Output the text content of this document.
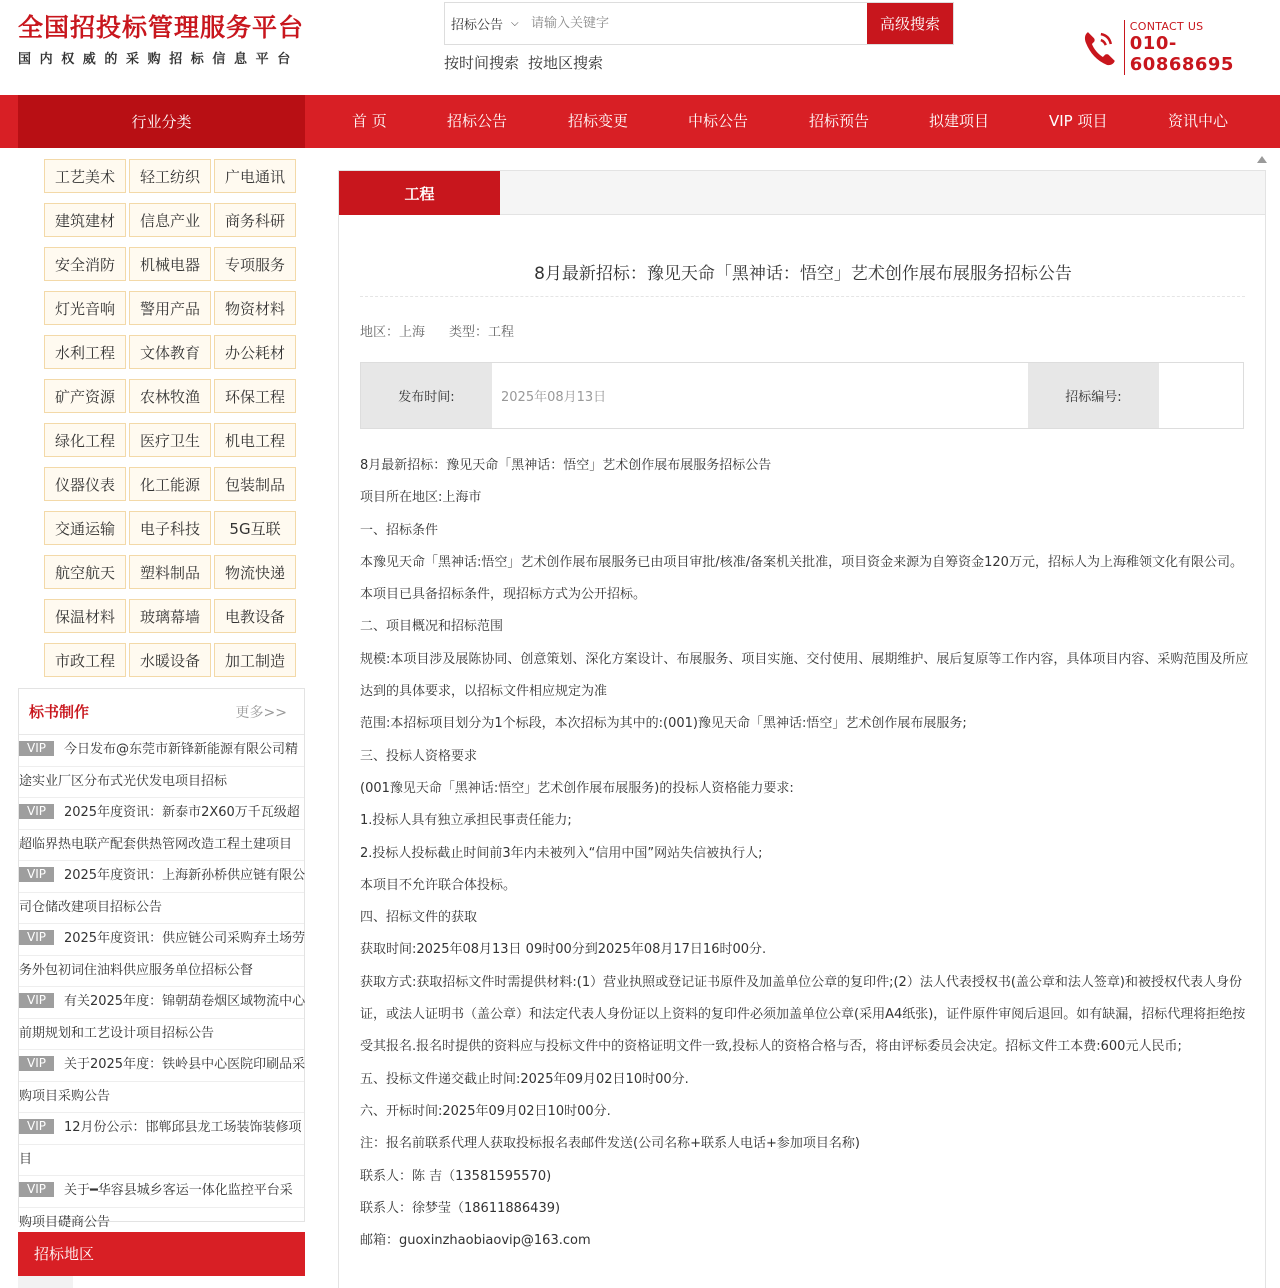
全国招投标管理服务平台
国内权威的采购招标信息平台
招标公告 ⌵
请输入关键字	高级搜索
按时间搜索 按地区搜索
CONTACT US
010-60868695
行业分类	首 页	招标公告	招标变更	中标公告	招标预告	拟建项目	VIP 项目	资讯中心
工艺美术	轻工纺织	广电通讯
建筑建材	信息产业	商务科研
安全消防	机械电器	专项服务
灯光音响	警用产品	物资材料
水利工程	文体教育	办公耗材
矿产资源	农林牧渔	环保工程
绿化工程	医疗卫生	机电工程
仪器仪表	化工能源	包装制品
交通运输	电子科技	5G互联
航空航天	塑料制品	物流快递
保温材料	玻璃幕墙	电教设备
市政工程	水暖设备	加工制造
标书制作	更多>>
VIP 今日发布@东莞市新锋新能源有限公司精
途实业厂区分布式光伏发电项目招标
VIP 2025年度资讯：新泰市2X60万千瓦级超
超临界热电联产配套供热管网改造工程土建项目
VIP 2025年度资讯：上海新孙桥供应链有限公
司仓储改建项目招标公告
VIP 2025年度资讯：供应链公司采购弃土场劳
务外包初词住油料供应服务单位招标公督
VIP 有关2025年度：锦朝葫卷烟区域物流中心
前期规划和工艺设计项目招标公告
VIP 关于2025年度：铁岭县中心医院印刷品采
购项目采购公告
VIP 12月份公示：邯郸邱县龙工场装饰装修项
目
VIP 关于━华容县城乡客运一体化监控平台采
购项目礎商公告
招标地区
工程
8月最新招标：豫见天命「黑神话：悟空」艺术创作展布展服务招标公告
地区：上海 类型：工程
发布时间:	2025年08月13日	招标编号:

8月最新招标：豫见天命「黑神话：悟空」艺术创作展布展服务招标公告

项目所在地区:上海市

一、招标条件

本豫见天命「黑神话:悟空」艺术创作展布展服务已由项目审批/核准/备案机关批准，项目资金来源为自筹资金120万元，招标人为上海稚领文化有限公司。

本项目已具备招标条件，现招标方式为公开招标。

二、项目概况和招标范围

规模:本项目涉及展陈协同、创意策划、深化方案设计、布展服务、项目实施、交付使用、展期维护、展后复原等工作内容，具体项目内容、采购范围及所应

达到的具体要求，以招标文件相应规定为准

范围:本招标项目划分为1个标段，本次招标为其中的:(001)豫见天命「黑神话:悟空」艺术创作展布展服务;

三、投标人资格要求

(001豫见天命「黑神话:悟空」艺术创作展布展服务)的投标人资格能力要求:

1.投标人具有独立承担民事责任能力;

2.投标人投标截止时间前3年内未被列入“信用中国”网站失信被执行人;

本项目不允许联合体投标。

四、招标文件的获取

获取时间:2025年08月13日 09时00分到2025年08月17日16时00分.

获取方式:获取招标文件时需提供材料:(1）营业执照或登记证书原件及加盖单位公章的复印件;(2）法人代表授权书(盖公章和法人签章)和被授权代表人身份

证，或法人证明书（盖公章）和法定代表人身份证以上资料的复印件必须加盖单位公章(采用A4纸张)，证件原件审阅后退回。如有缺漏，招标代理将拒绝按

受其报名.报名时提供的资料应与投标文件中的资格证明文件一致,投标人的资格合格与否，将由评标委员会决定。招标文件工本费:600元人民币;

五、投标文件递交截止时间:2025年09月02日10时00分.

六、开标时间:2025年09月02日10时00分.

注：报名前联系代理人获取投标报名表邮件发送(公司名称+联系人电话+参加项目名称)

联系人：陈 吉（13581595570)

联系人：徐梦莹（18611886439)

邮箱：guoxinzhaobiaovip@163.com
